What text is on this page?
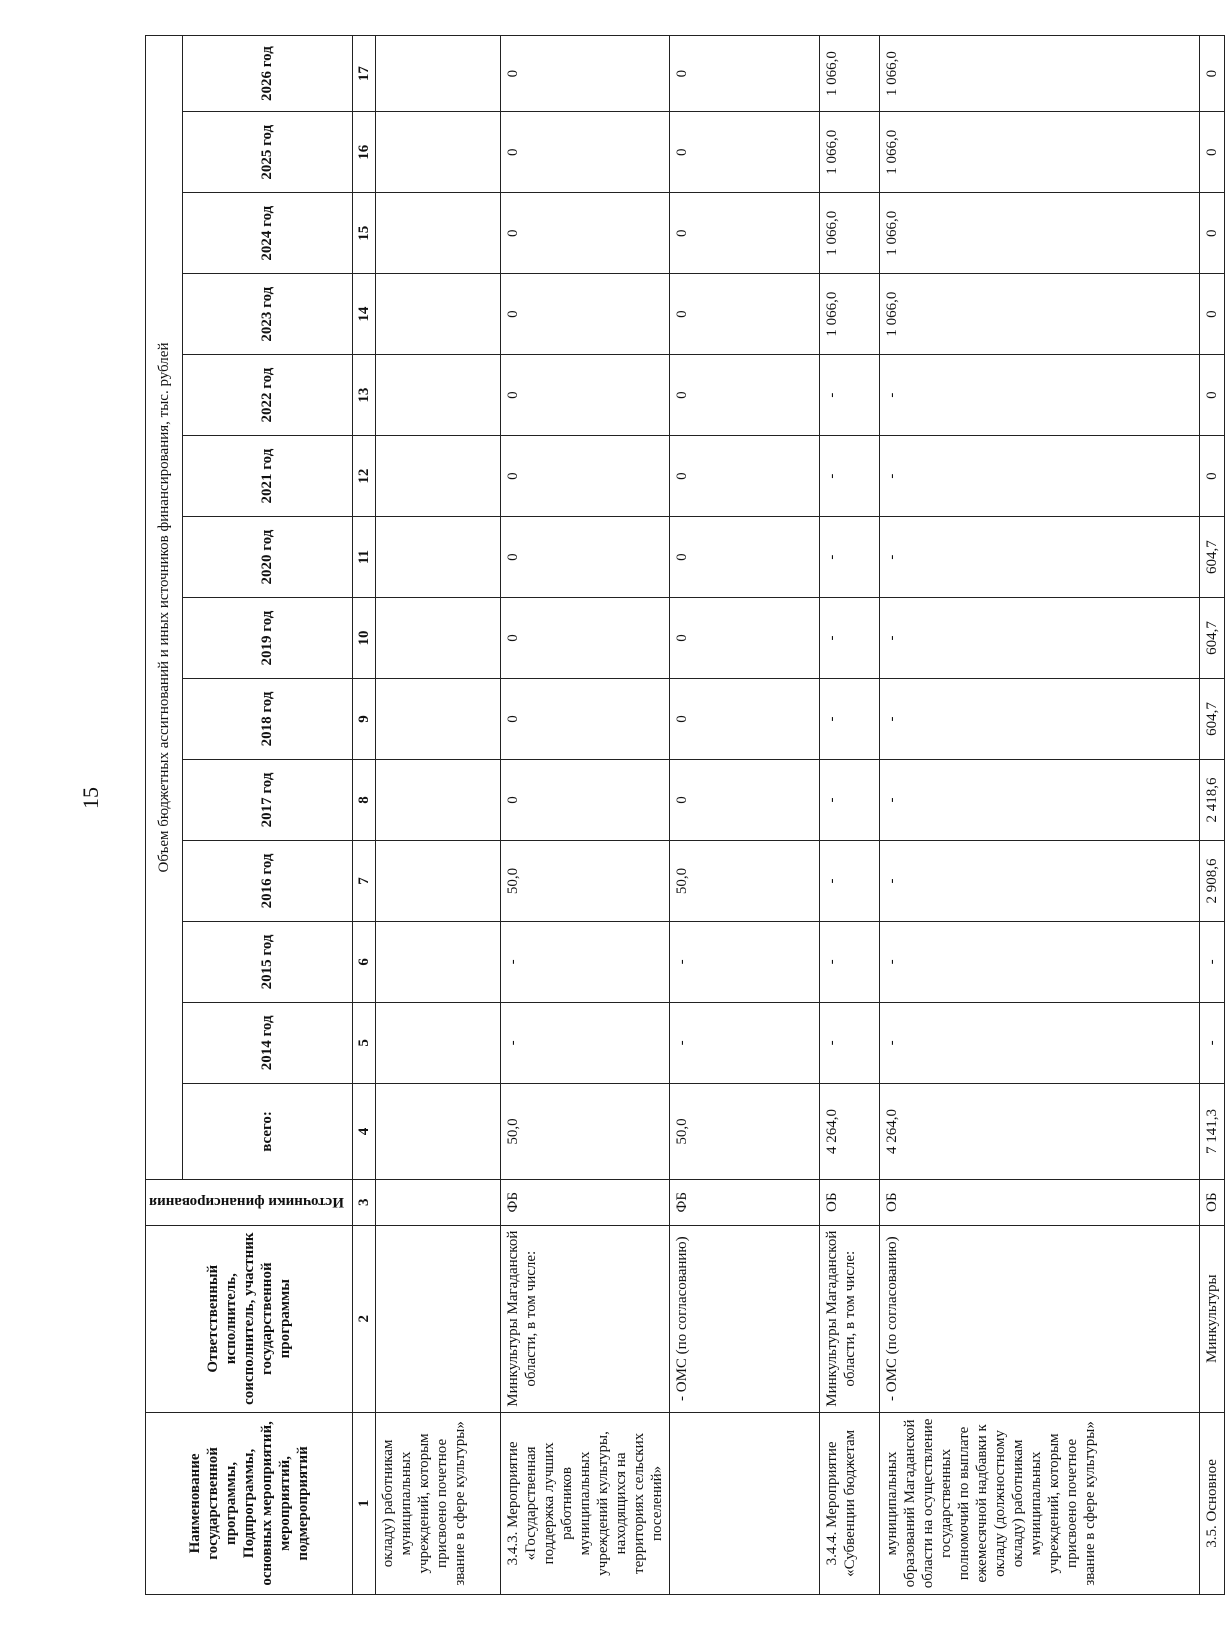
15
Наименование государственной программы, Подпрограммы, основных мероприятий, мероприятий, подмероприятий	Ответственный исполнитель, соисполнитель, участник государственной программы	Источники финансирования	Объем бюджетных ассигнований и иных источников финансирования, тыс. рублей													
			всего:	2014 год	2015 год	2016 год	2017 год	2018 год	2019 год	2020 год	2021 год	2022 год	2023 год	2024 год	2025 год	2026 год
1	2	3	4	5	6	7	8	9	10	11	12	13	14	15	16	17
окладу) работникам муниципальных учреждений, которым присвоено почетное звание в сфере культуры»																
3.4.3. Мероприятие «Государственная поддержка лучших работников муниципальных учреждений культуры, находящихся на территориях сельских поселений»	Минкультуры Магаданской области, в том числе:	ФБ	50,0	-	-	50,0	0	0	0	0	0	0	0	0	0	0
	- ОМС (по согласованию)	ФБ	50,0	-	-	50,0	0	0	0	0	0	0	0	0	0	0
3.4.4. Мероприятие «Субвенции бюджетам	Минкультуры Магаданской области, в том числе:	ОБ	4 264,0	-	-	-	-	-	-	-	-	-	1 066,0	1 066,0	1 066,0	1 066,0
муниципальных образований Магаданской области на осуществление государственных полномочий по выплате ежемесячной надбавки к окладу (должностному окладу) работникам муниципальных учреждений, которым присвоено почетное звание в сфере культуры»	- ОМС (по согласованию)	ОБ	4 264,0	-	-	-	-	-	-	-	-	-	1 066,0	1 066,0	1 066,0	1 066,0
3.5. Основное	Минкультуры	ОБ	7 141,3	-	-	2 908,6	2 418,6	604,7	604,7	604,7	0	0	0	0	0	0
